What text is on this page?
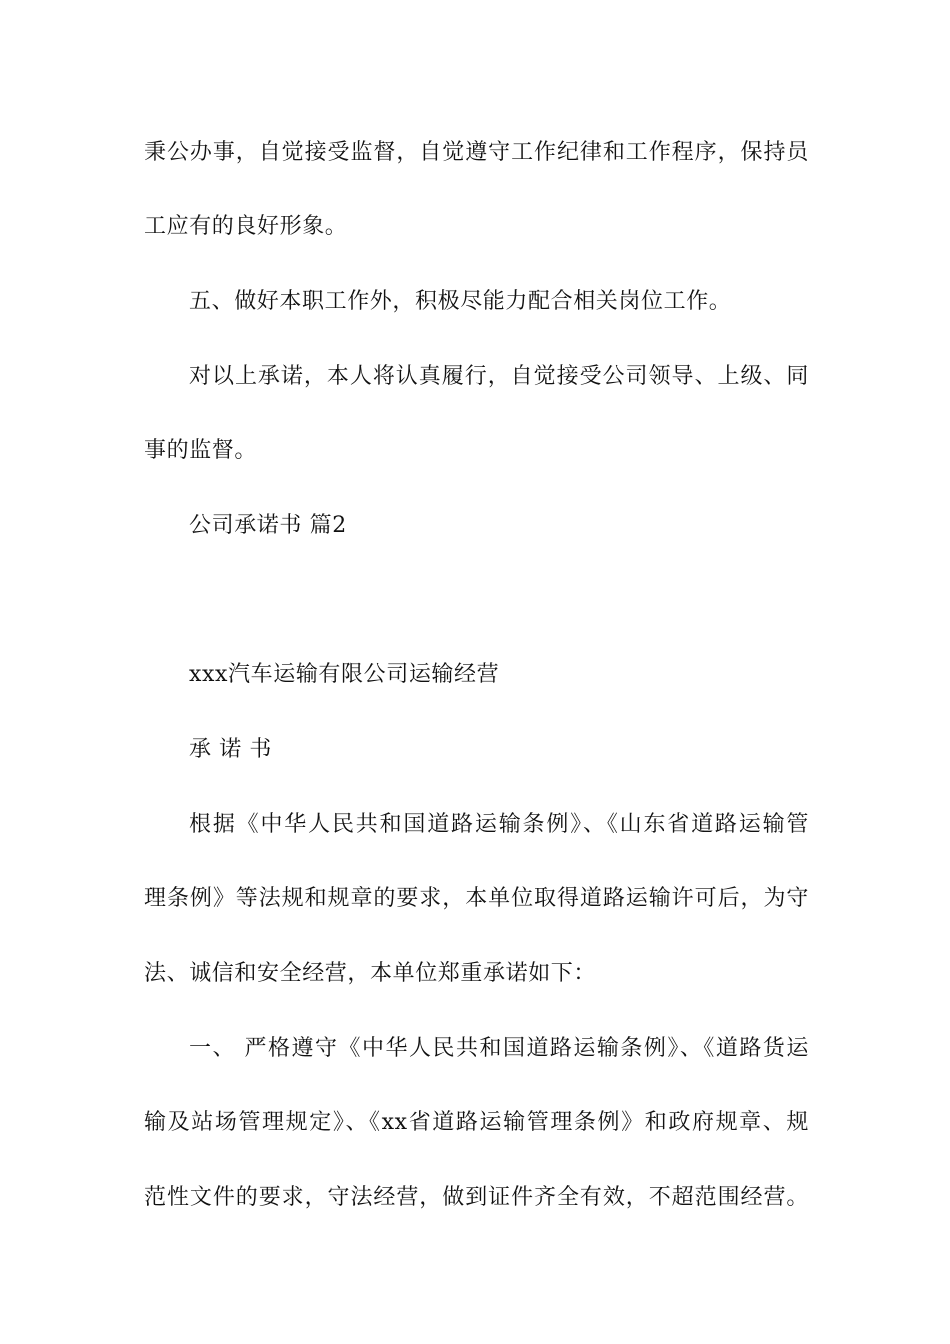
秉公办事，自觉接受监督，自觉遵守工作纪律和工作程序，保持员
工应有的良好形象。
五、做好本职工作外，积极尽能力配合相关岗位工作。
对以上承诺，本人将认真履行，自觉接受公司领导、上级、同
事的监督。
公司承诺书 篇2
xxx汽车运输有限公司运输经营
承 诺 书
根据《中华人民共和国道路运输条例》、《山东省道路运输管
理条例》等法规和规章的要求，本单位取得道路运输许可后，为守
法、诚信和安全经营，本单位郑重承诺如下：
一、 严格遵守《中华人民共和国道路运输条例》、《道路货运
输及站场管理规定》、《xx省道路运输管理条例》和政府规章、规
范性文件的要求，守法经营，做到证件齐全有效，不超范围经营。
